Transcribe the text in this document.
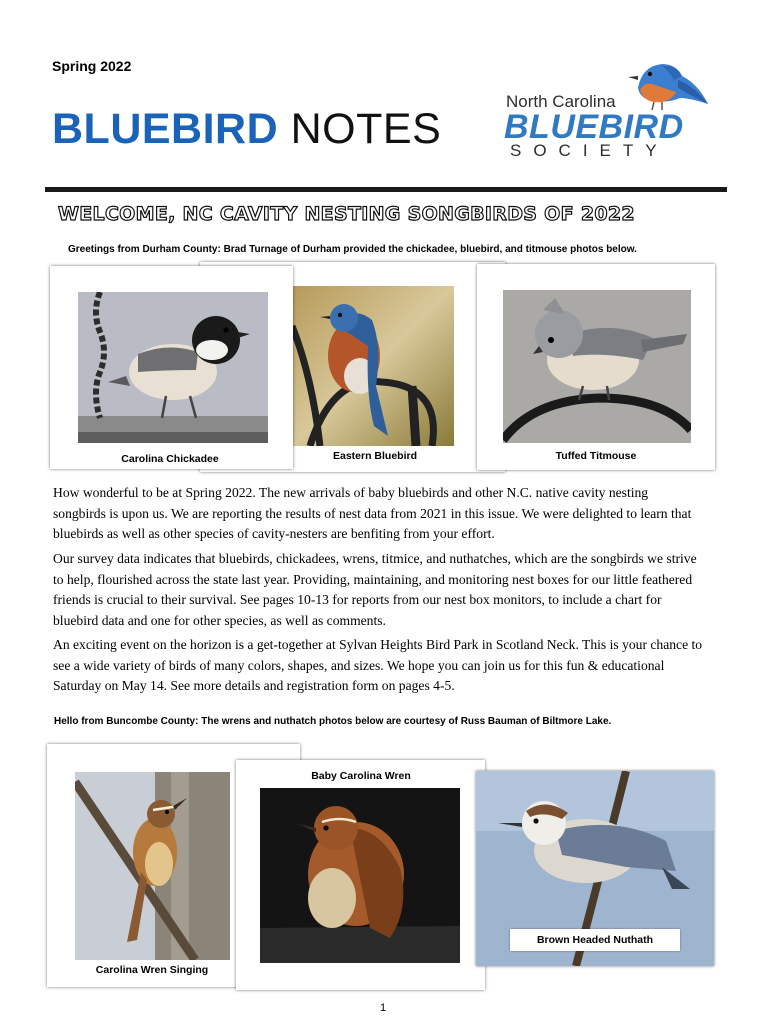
Spring 2022
BLUEBIRD NOTES
North Carolina
BLUEBIRD
SOCIETY
WELCOME, NC CAVITY NESTING SONGBIRDS OF 2022
Greetings from Durham County: Brad Turnage of Durham provided the chickadee, bluebird, and titmouse photos below.
Eastern Bluebird
Carolina Chickadee	Tuffed Titmouse
How wonderful to be at Spring 2022. The new arrivals of baby bluebirds and other N.C. native cavity nesting songbirds is upon us. We are reporting the results of nest data from 2021 in this issue. We were delighted to learn that bluebirds as well as other species of cavity-nesters are benfiting from your effort.
Our survey data indicates that bluebirds, chickadees, wrens, titmice, and nuthatches, which are the songbirds we strive to help, flourished across the state last year. Providing, maintaining, and monitoring nest boxes for our little feathered friends is crucial to their survival. See pages 10-13 for reports from our nest box monitors, to include a chart for bluebird data and one for other species, as well as comments.
An exciting event on the horizon is a get-together at Sylvan Heights Bird Park in Scotland Neck. This is your chance to see a wide variety of birds of many colors, shapes, and sizes. We hope you can join us for this fun & educational Saturday on May 14. See more details and registration form on pages 4-5.
Hello from Buncombe County: The wrens and nuthatch photos below are courtesy of Russ Bauman of Biltmore Lake.
Carolina Wren Singing
Baby Carolina Wren
Brown Headed Nuthath
1
